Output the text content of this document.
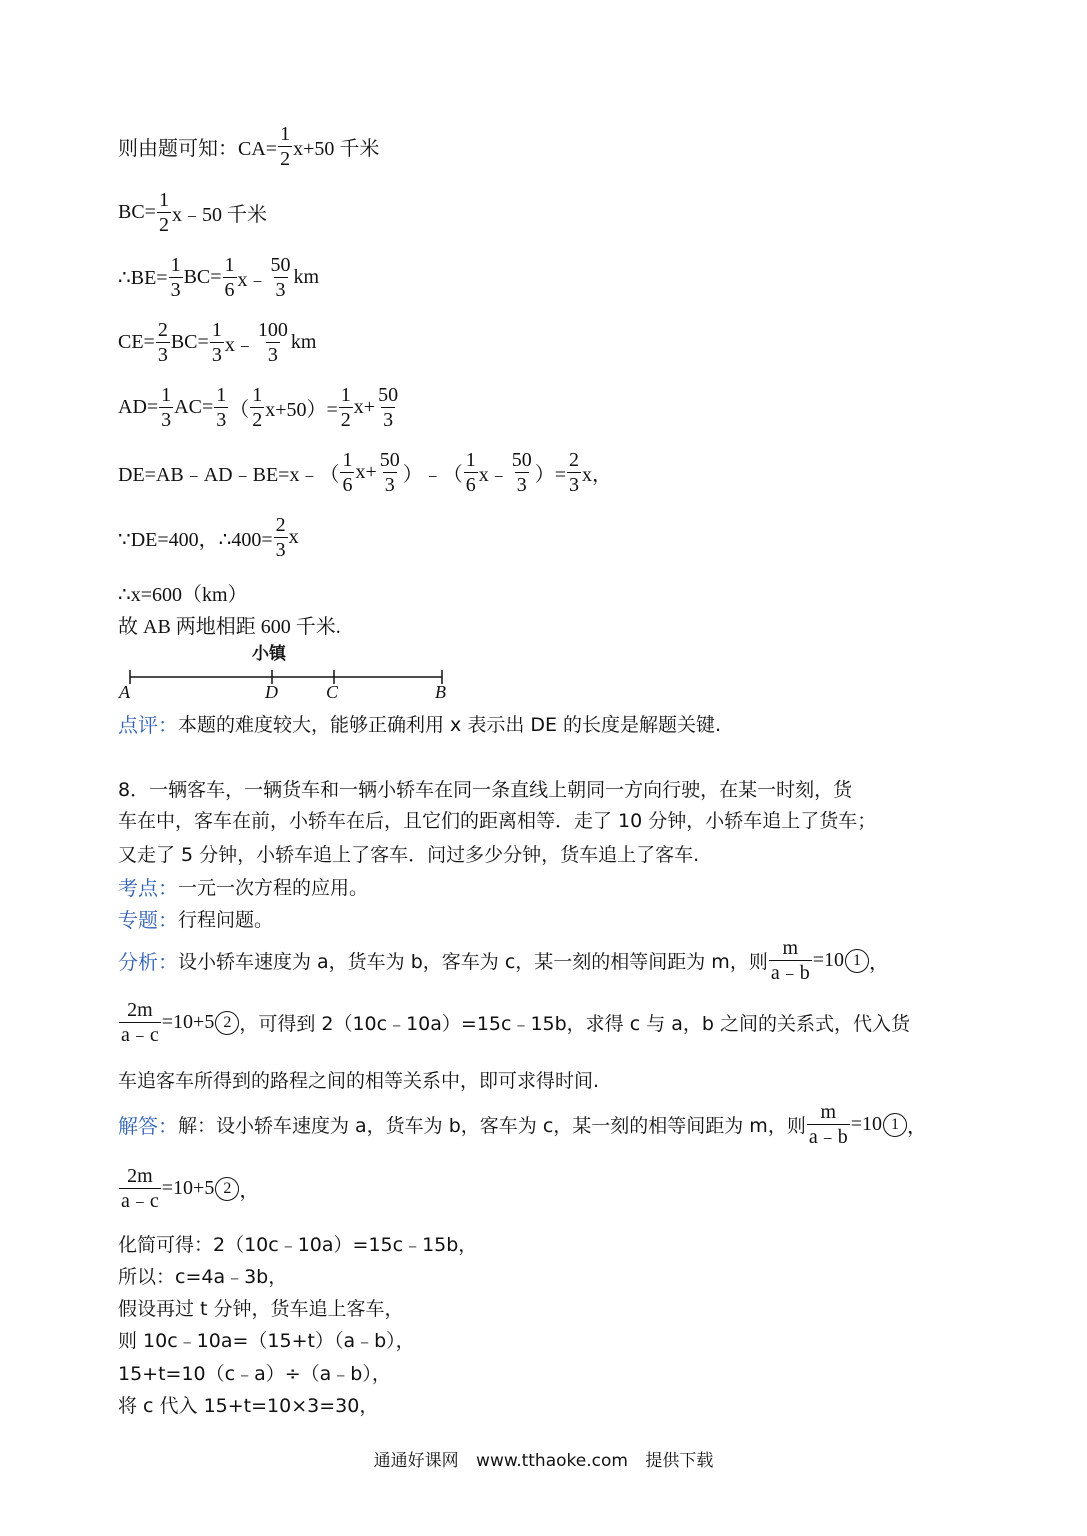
则由题可知：$CA= \frac{1}{2} x+50$ 千米
$BC= \frac{1}{2}$ x﹣50 千米
∴BE= $\frac{1}{3} BC= \frac{1}{6}$ x﹣ $\frac{50}{3}$ km
$CE= \frac{2}{3} BC= \frac{1}{3}$ x﹣ $\frac{100}{3}$ km
$AD= \frac{1}{3} AC= \frac{1}{3}$ （ $\frac{1}{2} x+50)= \frac{1}{2} x+ \frac{50}{3}$
DE=AB﹣AD﹣BE=x﹣（ $\frac{1}{6} x+ \frac{50}{3}$ ）﹣（ $\frac{1}{6}$ x﹣ $\frac{50}{3}$ ）= $\frac{2}{3}$ x，
∵DE=400，∴400= $\frac{2}{3}$ x
∴x=600（km）
故 AB 两地相距 600 千米.
小镇
A	D	C	B
点评： 本题的难度较大，能够正确利用 x 表示出 DE 的长度是解题关键.
8．一辆客车，一辆货车和一辆小轿车在同一条直线上朝同一方向行驶，在某一时刻，货
车在中，客车在前，小轿车在后，且它们的距离相等．走了 10 分钟，小轿车追上了货车；
又走了 5 分钟，小轿车追上了客车．问过多少分钟，货车追上了客车.
考点： 一元一次方程的应用。
专题： 行程问题。
分析： 设小轿车速度为 a，货车为 b，客车为 c，某一刻的相等间距为 m，则 $\frac{m}{a﹣b} =10$ 1 ，
$\frac{2m}{a﹣c} =10+5$ 2 ，可得到 2（10c﹣10a）=15c﹣15b，求得 c 与 a，b 之间的关系式，代入货
车追客车所得到的路程之间的相等关系中，即可求得时间.
解答： 解：设小轿车速度为 a，货车为 b，客车为 c，某一刻的相等间距为 m，则 $\frac{m}{a﹣b} =10$ 1 ，
$\frac{2m}{a﹣c} =10+5$ 2 ，
化简可得：2（10c﹣10a）=15c﹣15b，
所以：c=4a﹣3b，
假设再过 t 分钟，货车追上客车，
则 10c﹣10a=（15+t）（a﹣b），
15+t=10（c﹣a）÷（a﹣b），
将 c 代入 15+t=10×3=30，
通通好课网 www.tthaoke.com 提供下载
